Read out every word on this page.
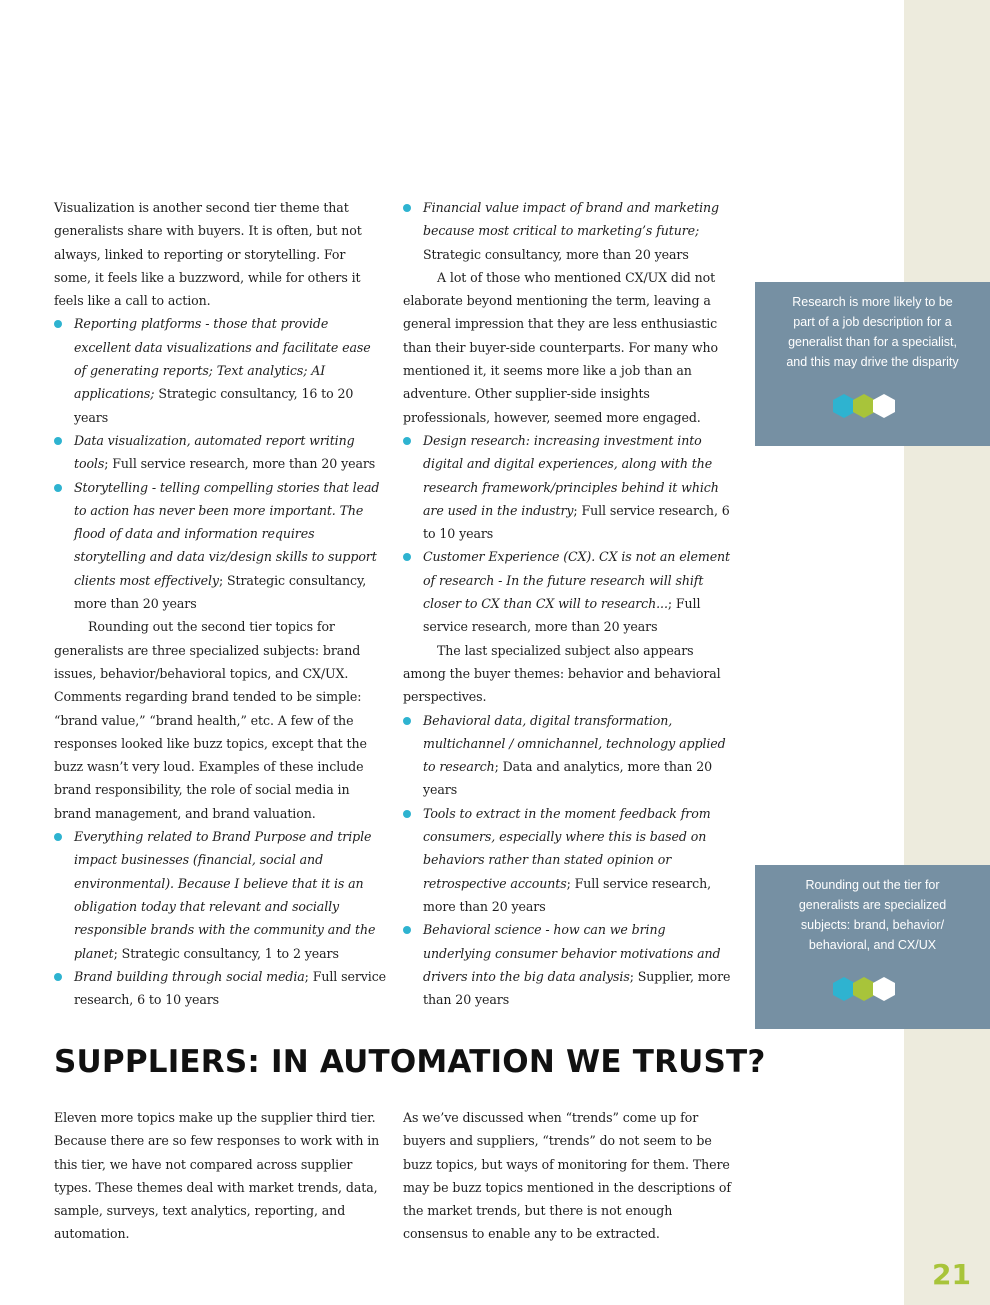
Visualization is another second tier theme that generalists share with buyers. It is often, but not always, linked to reporting or storytelling. For some, it feels like a buzzword, while for others it feels like a call to action.

Reporting platforms - those that provide excellent data visualizations and facilitate ease of generating reports; Text analytics; AI applications; Strategic consultancy, 16 to 20 years
Data visualization, automated report writing tools; Full service research, more than 20 years
Storytelling - telling compelling stories that lead to action has never been more important. The flood of data and information requires storytelling and data viz/design skills to support clients most effectively; Strategic consultancy, more than 20 years

Rounding out the second tier topics for generalists are three specialized subjects: brand issues, behavior/behavioral topics, and CX/UX. Comments regarding brand tended to be simple: “brand value,” “brand health,” etc. A few of the responses looked like buzz topics, except that the buzz wasn’t very loud. Examples of these include brand responsibility, the role of social media in brand management, and brand valuation.

Everything related to Brand Purpose and triple impact businesses (financial, social and environmental). Because I believe that it is an obligation today that relevant and socially responsible brands with the community and the planet; Strategic consultancy, 1 to 2 years
Brand building through social media; Full service research, 6 to 10 years
Financial value impact of brand and marketing because most critical to marketing’s future; Strategic consultancy, more than 20 years

A lot of those who mentioned CX/UX did not elaborate beyond mentioning the term, leaving a general impression that they are less enthusiastic than their buyer-side counterparts. For many who mentioned it, it seems more like a job than an adventure. Other supplier-side insights professionals, however, seemed more engaged.

Design research: increasing investment into digital and digital experiences, along with the research framework/principles behind it which are used in the industry; Full service research, 6 to 10 years
Customer Experience (CX). CX is not an element of research - In the future research will shift closer to CX than CX will to research...; Full service research, more than 20 years

The last specialized subject also appears among the buyer themes: behavior and behavioral perspectives.

Behavioral data, digital transformation, multichannel / omnichannel, technology applied to research; Data and analytics, more than 20 years
Tools to extract in the moment feedback from consumers, especially where this is based on behaviors rather than stated opinion or retrospective accounts; Full service research, more than 20 years
Behavioral science - how can we bring underlying consumer behavior motivations and drivers into the big data analysis; Supplier, more than 20 years

Research is more likely to be part of a job description for a generalist than for a specialist, and this may drive the disparity

Rounding out the tier for generalists are specialized subjects: brand, behavior/ behavioral, and CX/UX

SUPPLIERS: IN AUTOMATION WE TRUST?

Eleven more topics make up the supplier third tier. Because there are so few responses to work with in this tier, we have not compared across supplier types. These themes deal with market trends, data, sample, surveys, text analytics, reporting, and automation.

As we’ve discussed when “trends” come up for buyers and suppliers, “trends” do not seem to be buzz topics, but ways of monitoring for them. There may be buzz topics mentioned in the descriptions of the market trends, but there is not enough consensus to enable any to be extracted.

21
